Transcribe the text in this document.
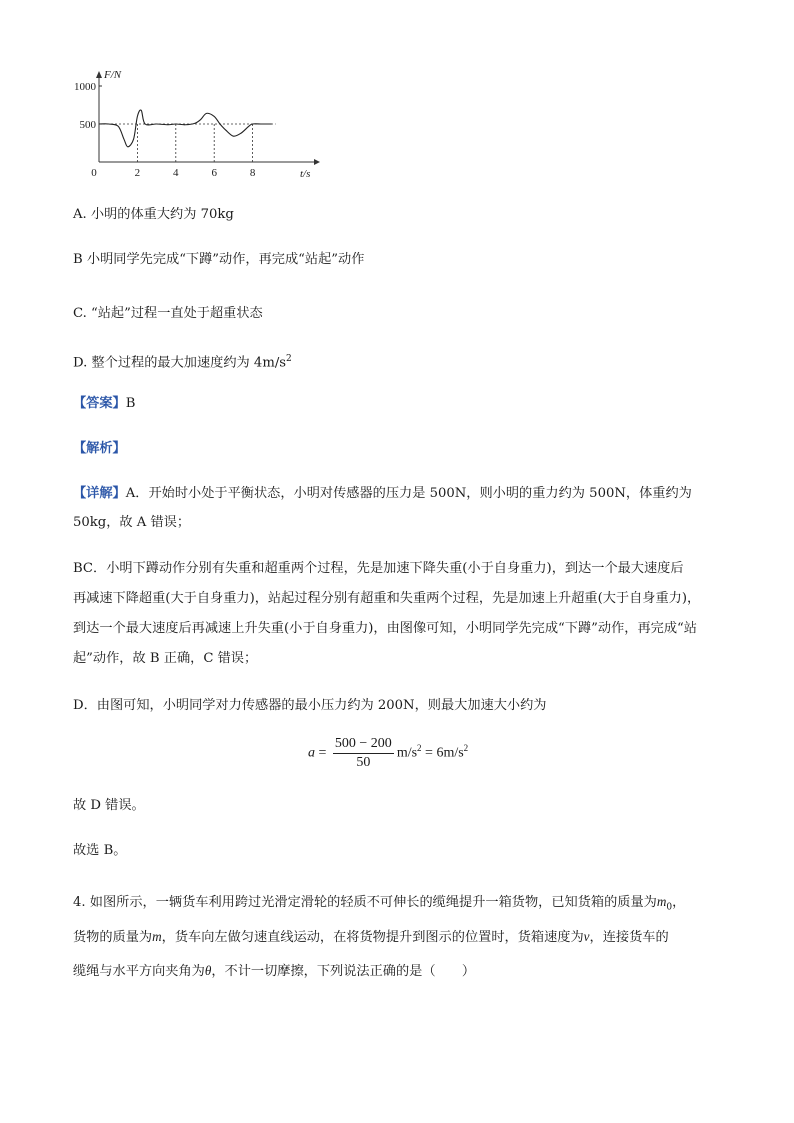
F/N
t/s
1000
500
0	2	4	6	8
A. 小明的体重大约为 70kg
B 小明同学先完成“下蹲”动作，再完成“站起”动作
C. “站起”过程一直处于超重状态
D. 整个过程的最大加速度约为 $4m/s^2$
【答案】B
【解析】
【详解】A．开始时小处于平衡状态，小明对传感器的压力是 500N，则小明的重力约为 500N，体重约为
50kg，故 A 错误；
BC．小明下蹲动作分别有失重和超重两个过程，先是加速下降失重(小于自身重力)，到达一个最大速度后
再减速下降超重(大于自身重力)，站起过程分别有超重和失重两个过程，先是加速上升超重(大于自身重力)，
到达一个最大速度后再减速上升失重(小于自身重力)，由图像可知，小明同学先完成“下蹲”动作，再完成“站
起”动作，故 B 正确，C 错误；
D．由图可知，小明同学对力传感器的最小压力约为 200N，则最大加速大小约为
$a = \frac{500 - 200}{50} m/s^2 = 6m/s^2$
故 D 错误。
故选 B。
4. 如图所示，一辆货车利用跨过光滑定滑轮的轻质不可伸长的缆绳提升一箱货物，已知货箱的质量为$m_0$，
货物的质量为m，货车向左做匀速直线运动，在将货物提升到图示的位置时，货箱速度为v，连接货车的
缆绳与水平方向夹角为θ，不计一切摩擦，下列说法正确的是（　　）
